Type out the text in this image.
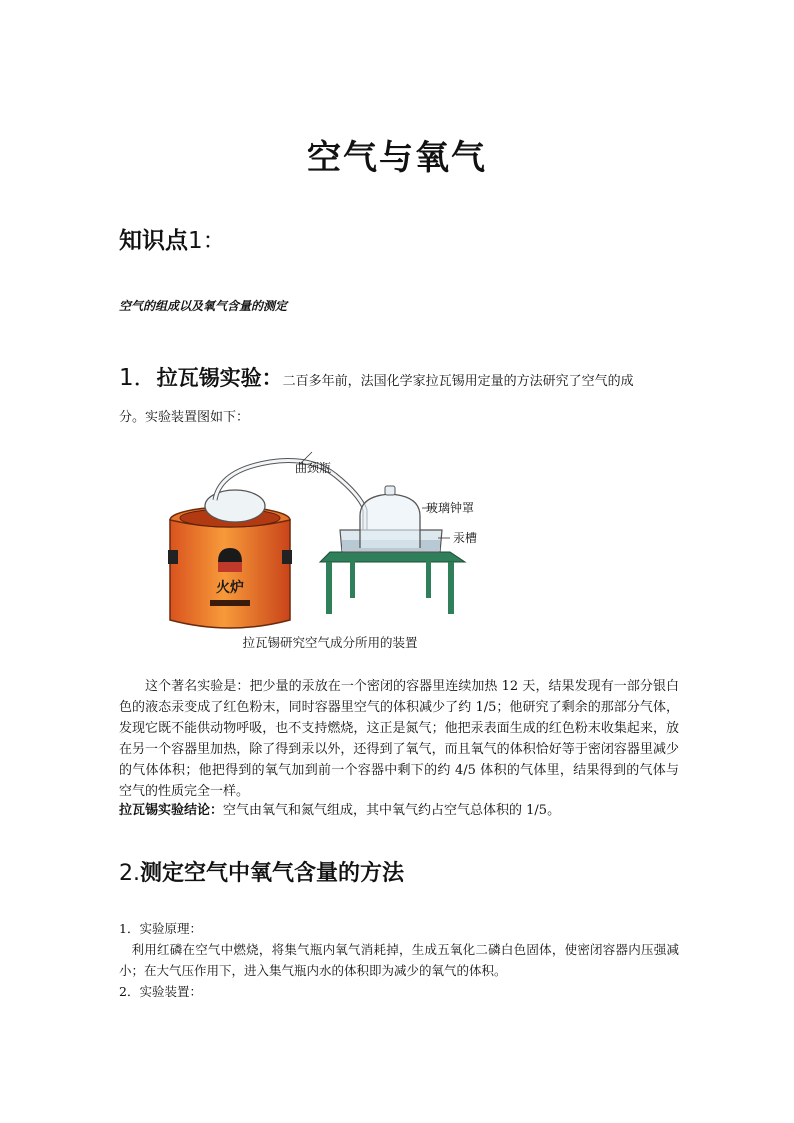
空气与氧气
知识点1：

空气的组成以及氧气含量的测定

1．拉瓦锡实验：二百多年前，法国化学家拉瓦锡用定量的方法研究了空气的成
分。实验装置图如下：

火炉
曲颈瓶
玻璃钟罩
汞槽
拉瓦锡研究空气成分所用的装置

这个著名实验是：把少量的汞放在一个密闭的容器里连续加热 12 天，结果发现有一部分银白色的液态汞变成了红色粉末，同时容器里空气的体积减少了约 1/5；他研究了剩余的那部分气体，发现它既不能供动物呼吸，也不支持燃烧，这正是氮气；他把汞表面生成的红色粉末收集起来，放在另一个容器里加热，除了得到汞以外，还得到了氧气，而且氧气的体积恰好等于密闭容器里减少的气体体积；他把得到的氧气加到前一个容器中剩下的约 4/5 体积的气体里，结果得到的气体与空气的性质完全一样。

拉瓦锡实验结论：空气由氧气和氮气组成，其中氧气约占空气总体积的 1/5。

2.测定空气中氧气含量的方法

1．实验原理：

利用红磷在空气中燃烧，将集气瓶内氧气消耗掉，生成五氧化二磷白色固体，使密闭容器内压强减小；在大气压作用下，进入集气瓶内水的体积即为减少的氧气的体积。

2．实验装置：
